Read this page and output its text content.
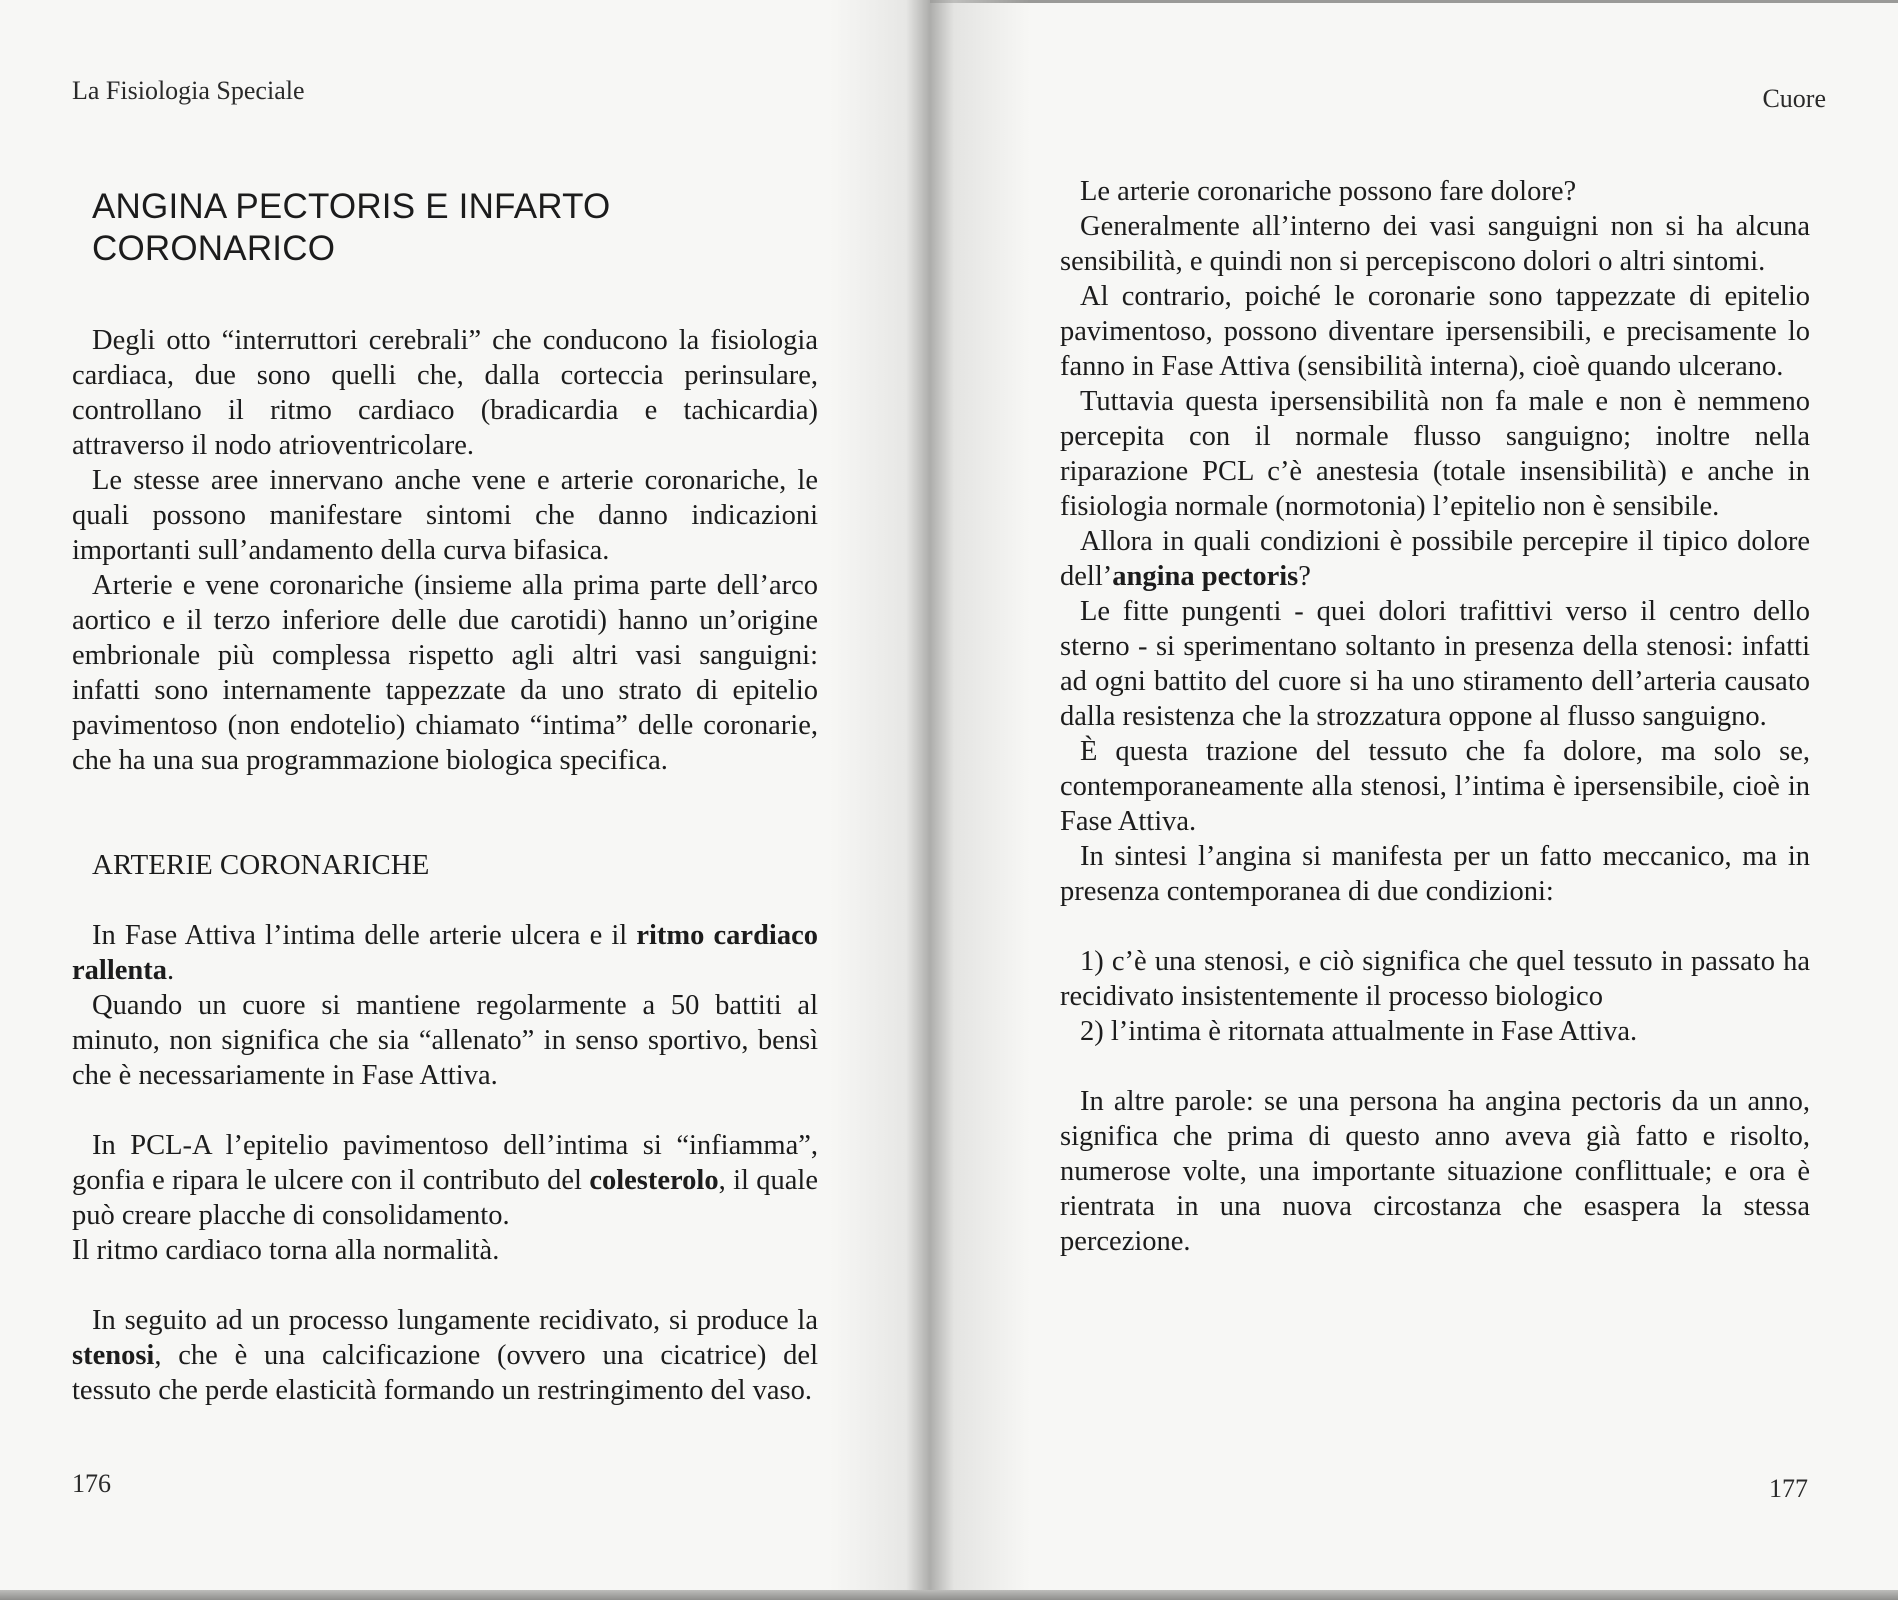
La Fisiologia Speciale
ANGINA PECTORIS E INFARTO CORONARICO

Degli otto “interruttori cerebrali” che conducono la fisiologia cardiaca, due sono quelli che, dalla corteccia perinsulare, controllano il ritmo cardiaco (bradicardia e tachicardia) attraverso il nodo atrioventricolare.

Le stesse aree innervano anche vene e arterie coronariche, le quali possono manifestare sintomi che danno indicazioni importanti sull’andamento della curva bifasica.

Arterie e vene coronariche (insieme alla prima parte dell’arco aortico e il terzo inferiore delle due carotidi) hanno un’origine embrionale più complessa rispetto agli altri vasi sanguigni: infatti sono internamente tappezzate da uno strato di epitelio pavimentoso (non endotelio) chiamato “intima” delle coronarie, che ha una sua programmazione biologica specifica.

ARTERIE CORONARICHE

In Fase Attiva l’intima delle arterie ulcera e il ritmo cardiaco rallenta.

Quando un cuore si mantiene regolarmente a 50 battiti al minuto, non significa che sia “allenato” in senso sportivo, bensì che è necessariamente in Fase Attiva.

In PCL-A l’epitelio pavimentoso dell’intima si “infiamma”, gonfia e ripara le ulcere con il contributo del colesterolo, il quale può creare placche di consolidamento.

Il ritmo cardiaco torna alla normalità.

In seguito ad un processo lungamente recidivato, si produce la stenosi, che è una calcificazione (ovvero una cicatrice) del tessuto che perde elasticità formando un restringimento del vaso.

176
Cuore

Le arterie coronariche possono fare dolore?

Generalmente all’interno dei vasi sanguigni non si ha alcuna sensibilità, e quindi non si percepiscono dolori o altri sintomi.

Al contrario, poiché le coronarie sono tappezzate di epitelio pavimentoso, possono diventare ipersensibili, e precisamente lo fanno in Fase Attiva (sensibilità interna), cioè quando ulcerano.

Tuttavia questa ipersensibilità non fa male e non è nemmeno percepita con il normale flusso sanguigno; inoltre nella riparazione PCL c’è anestesia (totale insensibilità) e anche in fisiologia normale (normotonia) l’epitelio non è sensibile.

Allora in quali condizioni è possibile percepire il tipico dolore dell’angina pectoris?

Le fitte pungenti - quei dolori trafittivi verso il centro dello sterno - si sperimentano soltanto in presenza della stenosi: infatti ad ogni battito del cuore si ha uno stiramento dell’arteria causato dalla resistenza che la strozzatura oppone al flusso sanguigno.

È questa trazione del tessuto che fa dolore, ma solo se, contemporaneamente alla stenosi, l’intima è ipersensibile, cioè in Fase Attiva.

In sintesi l’angina si manifesta per un fatto meccanico, ma in presenza contemporanea di due condizioni:

1) c’è una stenosi, e ciò significa che quel tessuto in passato ha recidivato insistentemente il processo biologico

2) l’intima è ritornata attualmente in Fase Attiva.

In altre parole: se una persona ha angina pectoris da un anno, significa che prima di questo anno aveva già fatto e risolto, numerose volte, una importante situazione conflittuale; e ora è rientrata in una nuova circostanza che esaspera la stessa percezione.

177
